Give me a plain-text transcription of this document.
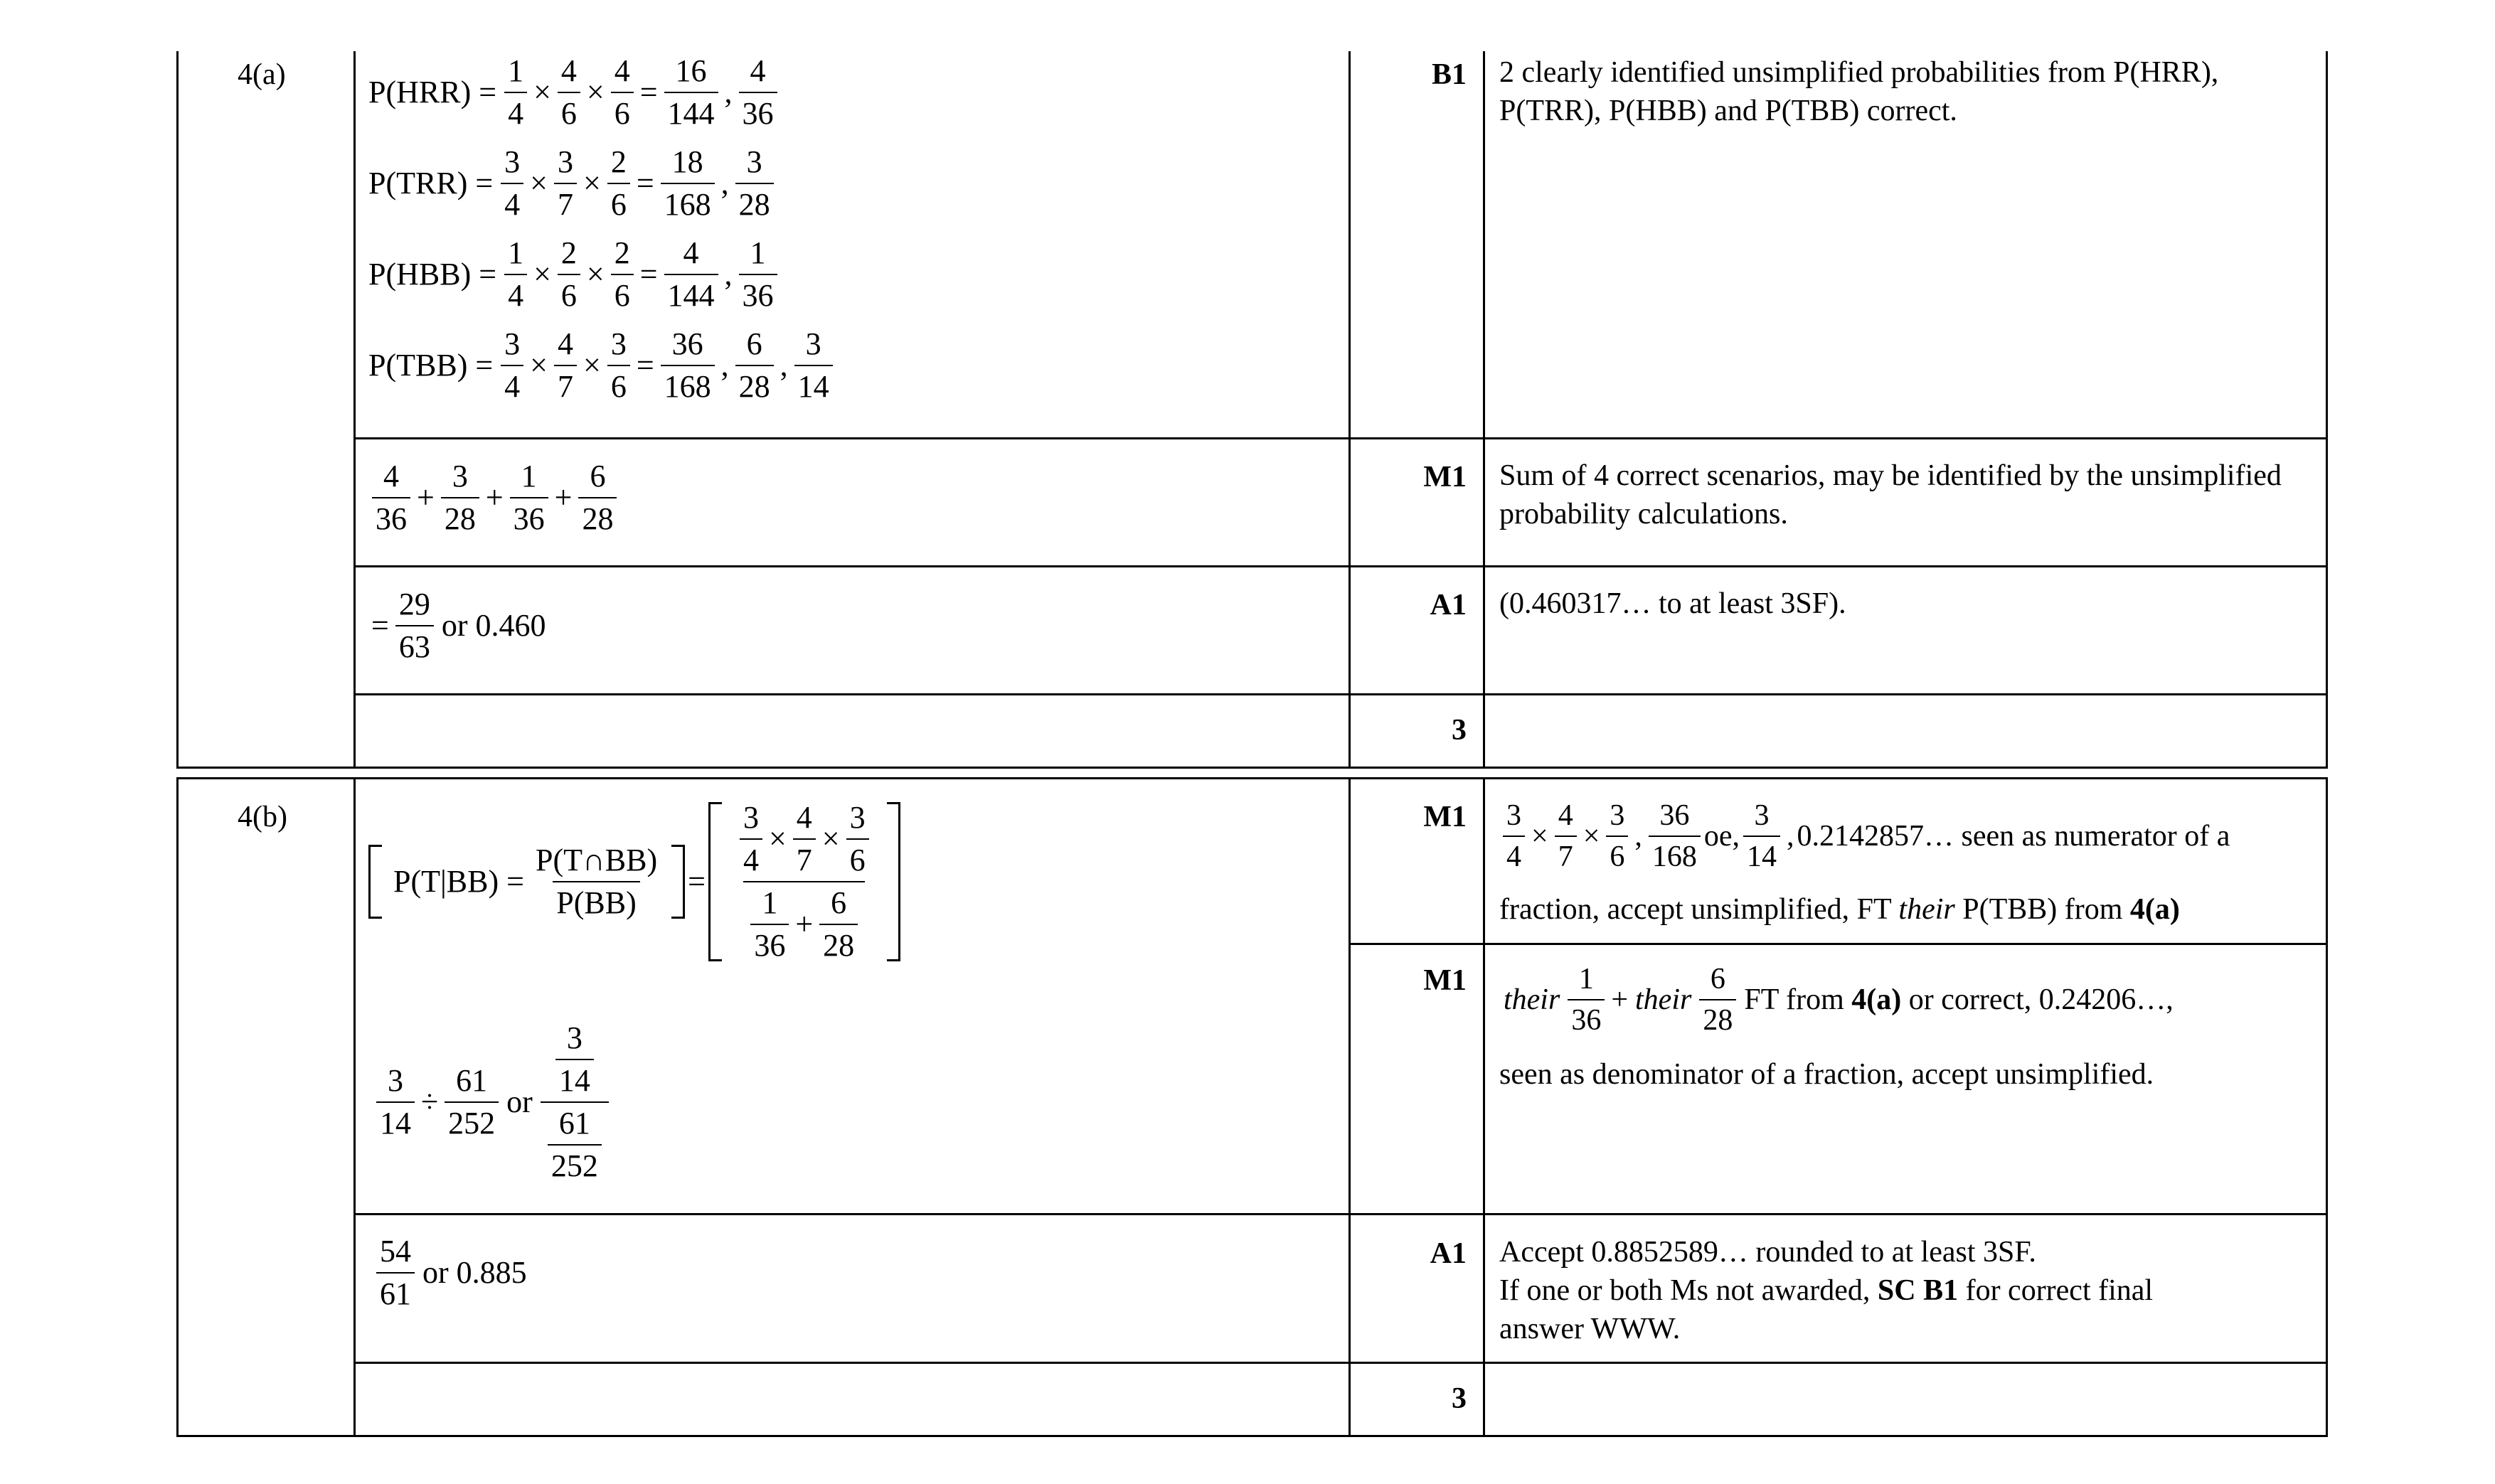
4(a)	$P(HRR) = \frac{1}{4} \times \frac{4}{6} \times \frac{4}{6} = \frac{16}{144}$ , $\frac{4}{36}$
$P(TRR) = \frac{3}{4} \times \frac{3}{7} \times \frac{2}{6} = \frac{18}{168}$ , $\frac{3}{28}$
$P(HBB) = \frac{1}{4} \times \frac{2}{6} \times \frac{2}{6} = \frac{4}{144}$ , $\frac{1}{36}$
$P(TBB) = \frac{3}{4} \times \frac{4}{7} \times \frac{3}{6} = \frac{36}{168}$ , $\frac{6}{28}$ , $\frac{3}{14}$
B1 2 clearly identified unsimplified probabilities from P(HRR), P(TRR), P(HBB) and P(TBB) correct.
$\frac{4}{36} + \frac{3}{28} + \frac{1}{36} + \frac{6}{28}$	M1 Sum of 4 correct scenarios, may be identified by the unsimplified probability calculations.
= $\frac{29}{63}$ or 0.460
A1 (0.460317… to at least 3SF).
3
4(b)
$P(T|BB) = \frac{P(T\cap BB)}{P(BB)} = \frac{\frac{3}{4} \times \frac{4}{7} \times \frac{3}{6}}{\frac{1}{36} + \frac{6}{28}}$
$\frac{3}{14} \div \frac{61}{252}$ or $\frac{\frac{3}{14}}{\frac{61}{252}}$
$M1 \frac{3}{4} \times \frac{4}{7} \times \frac{3}{6}$ , $\frac{36}{168}$ oe, $\frac{3}{14}$ , 0.2142857… seen as numerator of a
fraction, accept unsimplified, FT their P(TBB) from 4(a)
M1
their $\frac{1}{36}$ + their $\frac{6}{28}$ FT from 4(a) or correct, 0.24206…,
seen as denominator of a fraction, accept unsimplified.
$\frac{54}{61}$ or 0.885
A1 Accept 0.8852589… rounded to at least 3SF.
If one or both Ms not awarded, SC B1 for correct final
answer WWW.
3
